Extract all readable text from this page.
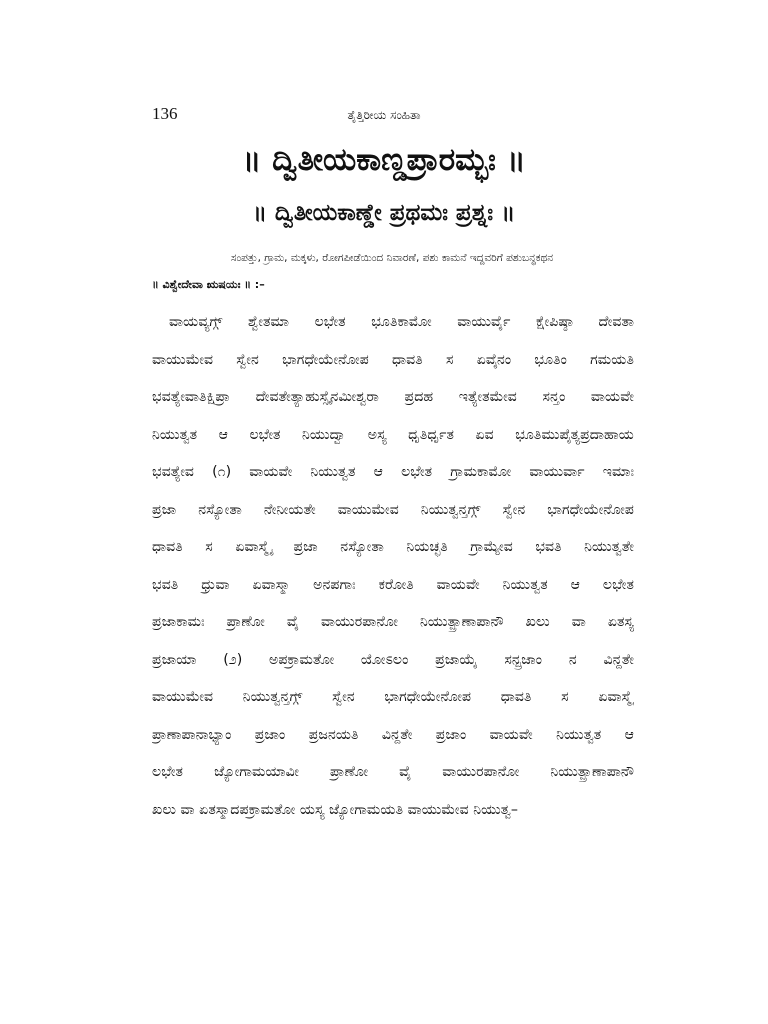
136	ತೈತ್ತಿರೀಯ ಸಂಹಿತಾ
॥ ದ್ವಿತೀಯಕಾಣ್ಡಪ್ರಾರಮ್ಭಃ ॥
॥ ದ್ವಿತೀಯಕಾಣ್ಡೇ ಪ್ರಥಮಃ ಪ್ರಶ್ನಃ ॥
ಸಂಪತ್ತು, ಗ್ರಾಮ, ಮಕ್ಕಳು, ರೋಗಪೀಡೆಯಿಂದ ನಿವಾರಣೆ, ಪಶು ಕಾಮನೆ ಇದ್ದವರಿಗೆ ಪಶುಬನ್ಧಕಥನ
॥ ವಿಶ್ವೇದೇವಾ ಋಷಯಃ ॥ :–
ವಾಯವ್ಯಗ್ಗ್ ಶ್ವೇತಮಾ ಲಭೇತ ಭೂತಿಕಾಮೋ ವಾಯುರ್ವೈ ಕ್ಷೇಪಿಷ್ಠಾ ದೇವತಾ
ವಾಯುಮೇವ ಸ್ವೇನ ಭಾಗಧೇಯೇನೋಪ ಧಾವತಿ ಸ ಏವೈನಂ ಭೂತಿಂ ಗಮಯತಿ
ಭವತ್ಯೇವಾತಿಕ್ಷಿಪ್ರಾ ದೇವತೇತ್ಯಾಹುಸ್ಸೈನಮೀಶ್ವರಾ ಪ್ರದಹ ಇತ್ಯೇತಮೇವ ಸನ್ತಂ ವಾಯವೇ
ನಿಯುತ್ವತ ಆ ಲಭೇತ ನಿಯುದ್ವಾ ಅಸ್ಯ ಧೃತಿರ್ಧೃತ ಏವ ಭೂತಿಮುಪೈತ್ಯಪ್ರದಾಹಾಯ
ಭವತ್ಯೇವ (೧) ವಾಯವೇ ನಿಯುತ್ವತ ಆ ಲಭೇತ ಗ್ರಾಮಕಾಮೋ ವಾಯುರ್ವಾ ಇಮಾಃ
ಪ್ರಜಾ ನಸ್ಯೋತಾ ನೇನೀಯತೇ ವಾಯುಮೇವ ನಿಯುತ್ವನ್ತಗ್ಗ್ ಸ್ವೇನ ಭಾಗಧೇಯೇನೋಪ
ಧಾವತಿ ಸ ಏವಾಸ್ಮೈ ಪ್ರಜಾ ನಸ್ಯೋತಾ ನಿಯಚ್ಛತಿ ಗ್ರಾಮ್ಯೇವ ಭವತಿ ನಿಯುತ್ವತೇ
ಭವತಿ ಧ್ರುವಾ ಏವಾಸ್ಮಾ ಅನಪಗಾಃ ಕರೋತಿ ವಾಯವೇ ನಿಯುತ್ವತ ಆ ಲಭೇತ
ಪ್ರಜಾಕಾಮಃ ಪ್ರಾಣೋ ವೈ ವಾಯುರಪಾನೋ ನಿಯುತ್ಪ್ರಾಣಾಪಾನೌ ಖಲು ವಾ ಏತಸ್ಯ
ಪ್ರಜಾಯಾ (೨) ಅಪಕ್ರಾಮತೋ ಯೋಽಲಂ ಪ್ರಜಾಯೈ ಸನ್ಪ್ರಜಾಂ ನ ವಿನ್ದತೇ
ವಾಯುಮೇವ ನಿಯುತ್ವನ್ತಗ್ಗ್ ಸ್ವೇನ ಭಾಗಧೇಯೇನೋಪ ಧಾವತಿ ಸ ಏವಾಸ್ಮೈ
ಪ್ರಾಣಾಪಾನಾಭ್ಯಾಂ ಪ್ರಜಾಂ ಪ್ರಜನಯತಿ ವಿನ್ದತೇ ಪ್ರಜಾಂ ವಾಯವೇ ನಿಯುತ್ವತ ಆ
ಲಭೇತ ಜ್ಯೋಗಾಮಯಾವೀ ಪ್ರಾಣೋ ವೈ ವಾಯುರಪಾನೋ ನಿಯುತ್ಪ್ರಾಣಾಪಾನೌ
ಖಲು ವಾ ಏತಸ್ಮಾದಪಕ್ರಾಮತೋ ಯಸ್ಯ ಜ್ಯೋಗಾಮಯತಿ ವಾಯುಮೇವ ನಿಯುತ್ವ–
